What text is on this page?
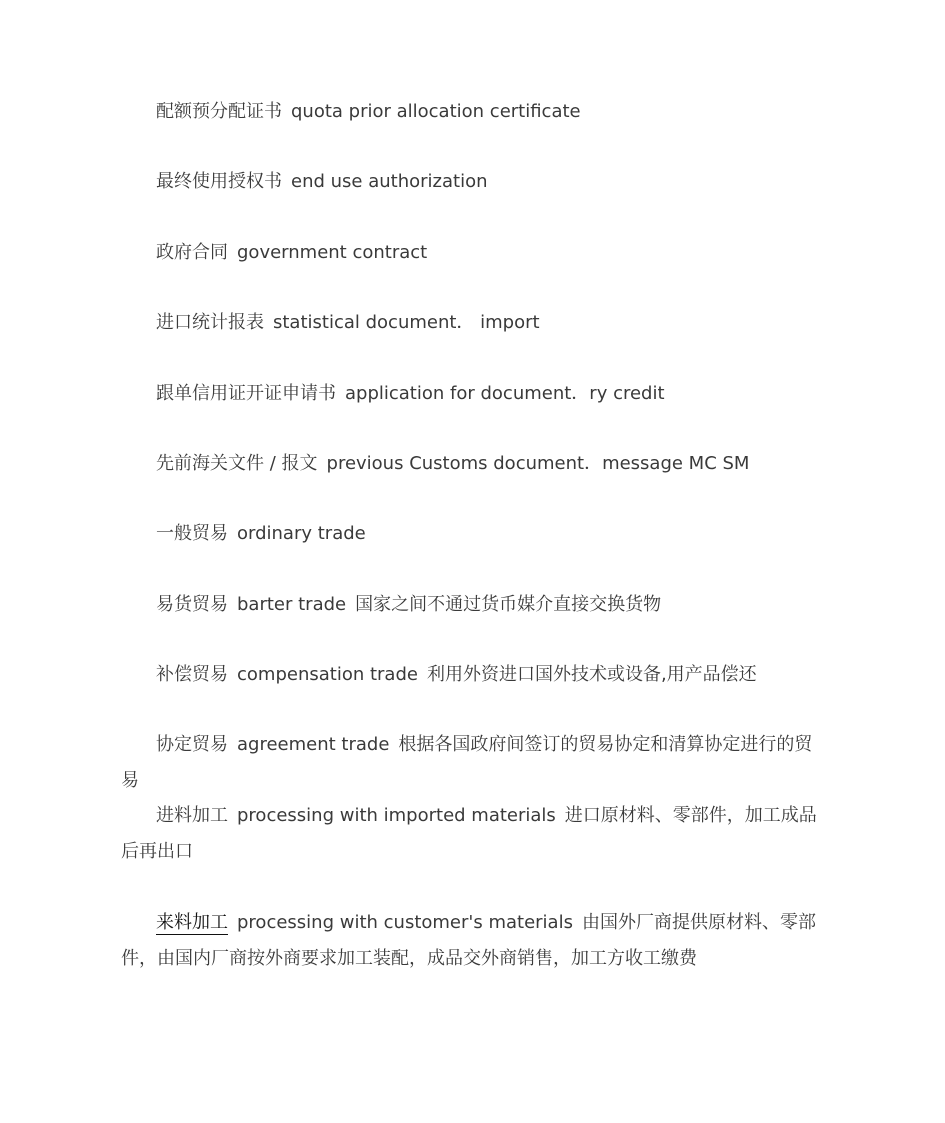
配额预分配证书 quota prior allocation certificate
最终使用授权书 end use authorization
政府合同 government contract
进口统计报表 statistical document． import
跟单信用证开证申请书 application for document．ry credit
先前海关文件 / 报文 previous Customs document．message MC SM
一般贸易 ordinary trade
易货贸易 barter trade 国家之间不通过货币媒介直接交换货物
补偿贸易 compensation trade 利用外资进口国外技术或设备,用产品偿还
协定贸易 agreement trade 根据各国政府间签订的贸易协定和清算协定进行的贸易
进料加工 processing with imported materials 进口原材料、零部件，加工成品后再出口
来料加工 processing with customer's materials 由国外厂商提供原材料、零部件，由国内厂商按外商要求加工装配，成品交外商销售，加工方收工缴费
